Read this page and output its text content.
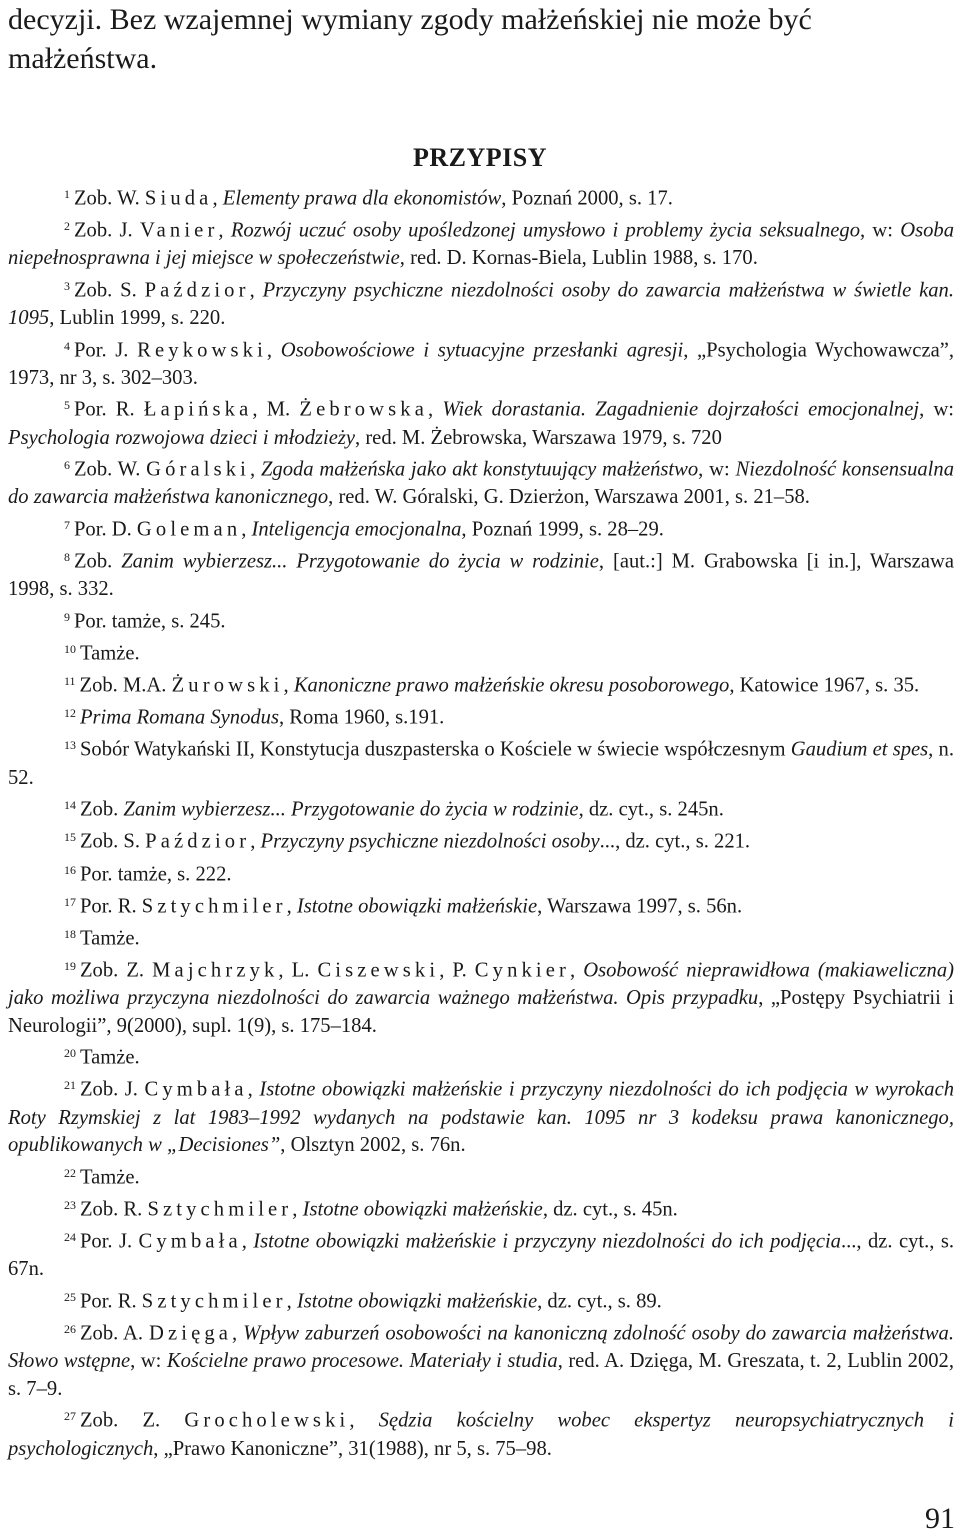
decyzji. Bez wzajemnej wymiany zgody małżeńskiej nie może być małżeństwa.

PRZYPISY

$^1$ Zob. W. Siuda, Elementy prawa dla ekonomistów, Poznań 2000, s. 17.

$^2$ Zob. J. Vanier, Rozwój uczuć osoby upośledzonej umysłowo i problemy życia seksualnego, w: Osoba niepełnosprawna i jej miejsce w społeczeństwie, red. D. Kornas-Biela, Lublin 1988, s. 170.

$^3$ Zob. S. Paździor, Przyczyny psychiczne niezdolności osoby do zawarcia małżeństwa w świetle kan. 1095, Lublin 1999, s. 220.

$^4$ Por. J. Reykowski, Osobowościowe i sytuacyjne przesłanki agresji, „Psychologia Wychowawcza”, 1973, nr 3, s. 302–303.

$^5$ Por. R. Łapińska, M. Żebrowska, Wiek dorastania. Zagadnienie dojrzałości emocjonalnej, w: Psychologia rozwojowa dzieci i młodzieży, red. M. Żebrowska, Warszawa 1979, s. 720

$^6$ Zob. W. Góralski, Zgoda małżeńska jako akt konstytuujący małżeństwo, w: Niezdolność konsensualna do zawarcia małżeństwa kanonicznego, red. W. Góralski, G. Dzierżon, Warszawa 2001, s. 21–58.

$^7$ Por. D. Goleman, Inteligencja emocjonalna, Poznań 1999, s. 28–29.

$^8$ Zob. Zanim wybierzesz... Przygotowanie do życia w rodzinie, [aut.:] M. Grabowska [i in.], Warszawa 1998, s. 332.

$^9$ Por. tamże, s. 245.

$^{10}$ Tamże.

$^{11}$ Zob. M.A. Żurowski, Kanoniczne prawo małżeńskie okresu posoborowego, Katowice 1967, s. 35.

$^{12}$ Prima Romana Synodus, Roma 1960, s.191.

$^{13}$ Sobór Watykański II, Konstytucja duszpasterska o Kościele w świecie współczesnym Gaudium et spes, n. 52.

$^{14}$ Zob. Zanim wybierzesz... Przygotowanie do życia w rodzinie, dz. cyt., s. 245n.

$^{15}$ Zob. S. Paździor, Przyczyny psychiczne niezdolności osoby..., dz. cyt., s. 221.

$^{16}$ Por. tamże, s. 222.

$^{17}$ Por. R. Sztychmiler, Istotne obowiązki małżeńskie, Warszawa 1997, s. 56n.

$^{18}$ Tamże.

$^{19}$ Zob. Z. Majchrzyk, L. Ciszewski, P. Cynkier, Osobowość nieprawidłowa (makiaweliczna) jako możliwa przyczyna niezdolności do zawarcia ważnego małżeństwa. Opis przypadku, „Postępy Psychiatrii i Neurologii”, 9(2000), supl. 1(9), s. 175–184.

$^{20}$ Tamże.

$^{21}$ Zob. J. Cymbała, Istotne obowiązki małżeńskie i przyczyny niezdolności do ich podjęcia w wyrokach Roty Rzymskiej z lat 1983–1992 wydanych na podstawie kan. 1095 nr 3 kodeksu prawa kanonicznego, opublikowanych w „Decisiones”, Olsztyn 2002, s. 76n.

$^{22}$ Tamże.

$^{23}$ Zob. R. Sztychmiler, Istotne obowiązki małżeńskie, dz. cyt., s. 45n.

$^{24}$ Por. J. Cymbała, Istotne obowiązki małżeńskie i przyczyny niezdolności do ich podjęcia..., dz. cyt., s. 67n.

$^{25}$ Por. R. Sztychmiler, Istotne obowiązki małżeńskie, dz. cyt., s. 89.

$^{26}$ Zob. A. Dzięga, Wpływ zaburzeń osobowości na kanoniczną zdolność osoby do zawarcia małżeństwa. Słowo wstępne, w: Kościelne prawo procesowe. Materiały i studia, red. A. Dzięga, M. Greszata, t. 2, Lublin 2002, s. 7–9.

$^{27}$ Zob. Z. Grocholewski, Sędzia kościelny wobec ekspertyz neuropsychiatrycznych i psychologicznych, „Prawo Kanoniczne”, 31(1988), nr 5, s. 75–98.

91
